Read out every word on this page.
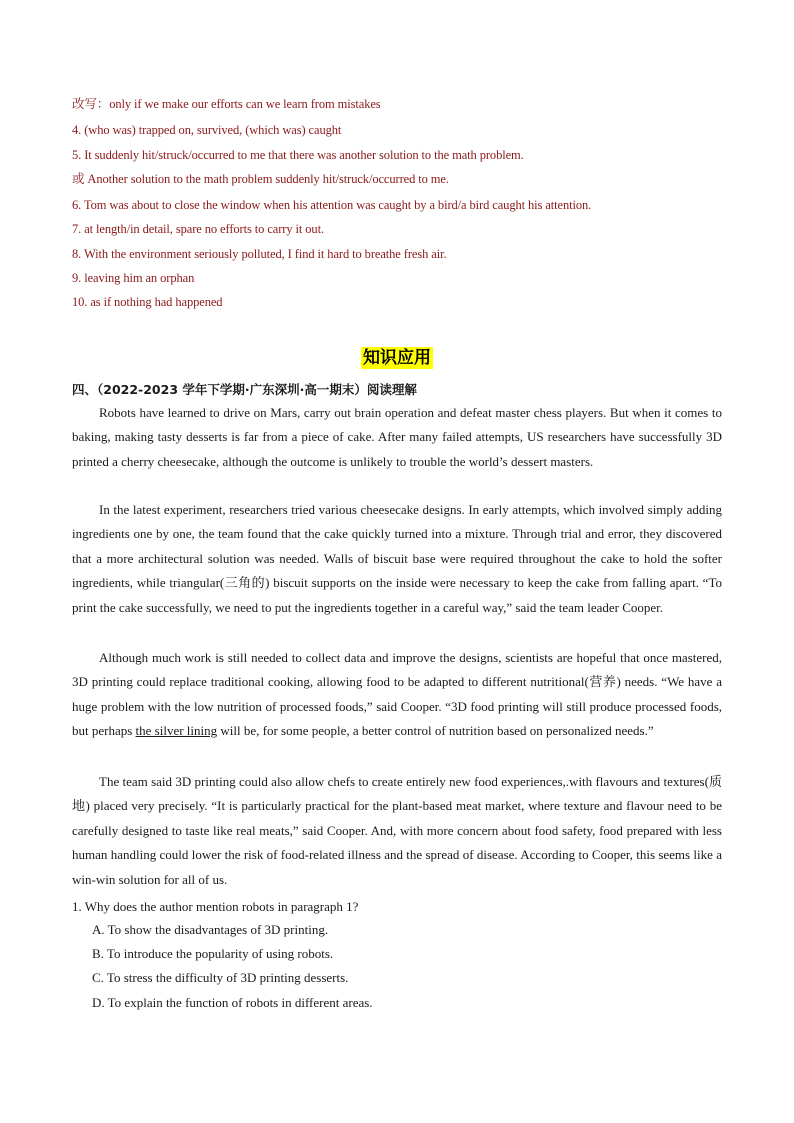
改写：only if we make our efforts can we learn from mistakes
4. (who was) trapped on, survived, (which was) caught
5. It suddenly hit/struck/occurred to me that there was another solution to the math problem.
或 Another solution to the math problem suddenly hit/struck/occurred to me.
6. Tom was about to close the window when his attention was caught by a bird/a bird caught his attention.
7. at length/in detail, spare no efforts to carry it out.
8. With the environment seriously polluted, I find it hard to breathe fresh air.
9. leaving him an orphan
10. as if nothing had happened
知识应用
四、（2022-2023 学年下学期·广东深圳·高一期末）阅读理解
Robots have learned to drive on Mars, carry out brain operation and defeat master chess players. But when it comes to baking, making tasty desserts is far from a piece of cake. After many failed attempts, US researchers have successfully 3D printed a cherry cheesecake, although the outcome is unlikely to trouble the world’s dessert masters.
In the latest experiment, researchers tried various cheesecake designs. In early attempts, which involved simply adding ingredients one by one, the team found that the cake quickly turned into a mixture. Through trial and error, they discovered that a more architectural solution was needed. Walls of biscuit base were required throughout the cake to hold the softer ingredients, while triangular(三角的) biscuit supports on the inside were necessary to keep the cake from falling apart. “To print the cake successfully, we need to put the ingredients together in a careful way,” said the team leader Cooper.
Although much work is still needed to collect data and improve the designs, scientists are hopeful that once mastered, 3D printing could replace traditional cooking, allowing food to be adapted to different nutritional(营养) needs. “We have a huge problem with the low nutrition of processed foods,” said Cooper. “3D food printing will still produce processed foods, but perhaps the silver lining will be, for some people, a better control of nutrition based on personalized needs.”
The team said 3D printing could also allow chefs to create entirely new food experiences,.with flavours and textures(质地) placed very precisely. “It is particularly practical for the plant-based meat market, where texture and flavour need to be carefully designed to taste like real meats,” said Cooper. And, with more concern about food safety, food prepared with less human handling could lower the risk of food-related illness and the spread of disease. According to Cooper, this seems like a win-win solution for all of us.
1. Why does the author mention robots in paragraph 1?
A. To show the disadvantages of 3D printing.
B. To introduce the popularity of using robots.
C. To stress the difficulty of 3D printing desserts.
D. To explain the function of robots in different areas.
